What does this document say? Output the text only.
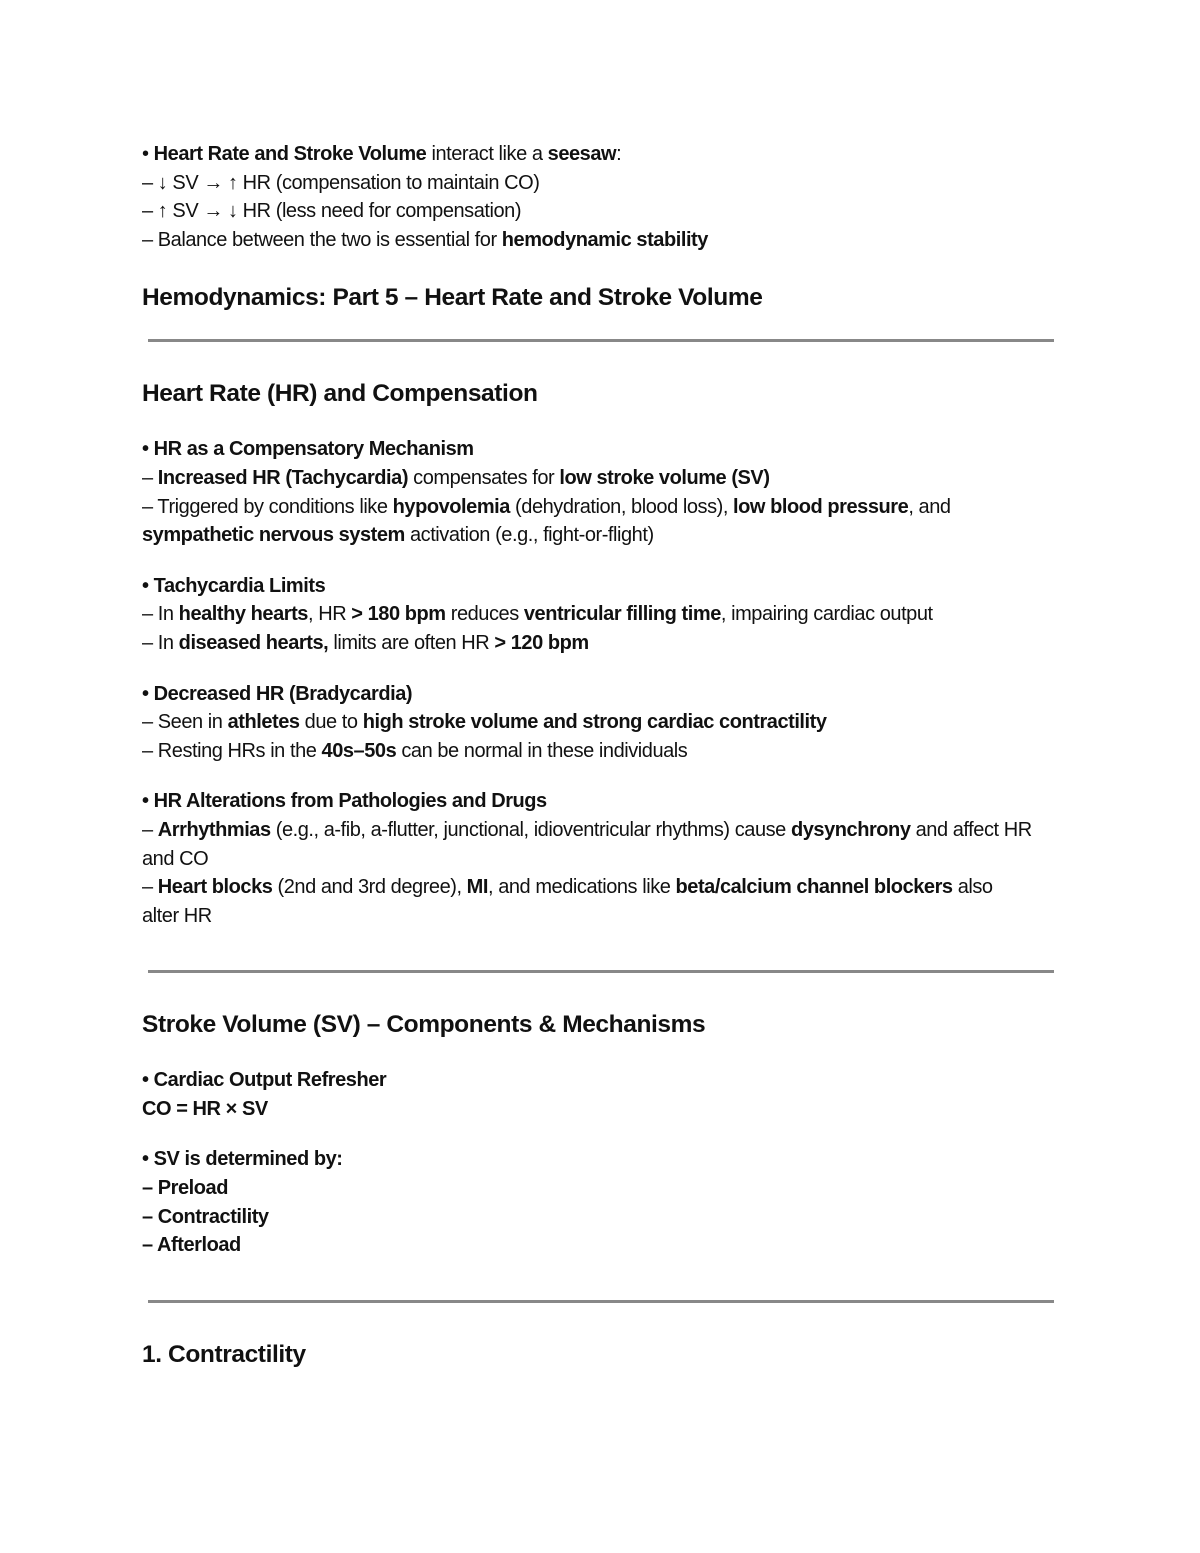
• Heart Rate and Stroke Volume interact like a seesaw:
– ↓ SV → ↑ HR (compensation to maintain CO)
– ↑ SV → ↓ HR (less need for compensation)
– Balance between the two is essential for hemodynamic stability
Hemodynamics: Part 5 – Heart Rate and Stroke Volume
Heart Rate (HR) and Compensation
• HR as a Compensatory Mechanism
– Increased HR (Tachycardia) compensates for low stroke volume (SV)
– Triggered by conditions like hypovolemia (dehydration, blood loss), low blood pressure, and sympathetic nervous system activation (e.g., fight-or-flight)
• Tachycardia Limits
– In healthy hearts, HR > 180 bpm reduces ventricular filling time, impairing cardiac output
– In diseased hearts, limits are often HR > 120 bpm
• Decreased HR (Bradycardia)
– Seen in athletes due to high stroke volume and strong cardiac contractility
– Resting HRs in the 40s–50s can be normal in these individuals
• HR Alterations from Pathologies and Drugs
– Arrhythmias (e.g., a-fib, a-flutter, junctional, idioventricular rhythms) cause dysynchrony and affect HR and CO
– Heart blocks (2nd and 3rd degree), MI, and medications like beta/calcium channel blockers also alter HR
Stroke Volume (SV) – Components & Mechanisms
• Cardiac Output Refresher
CO = HR × SV
• SV is determined by:
– Preload
– Contractility
– Afterload
1. Contractility
